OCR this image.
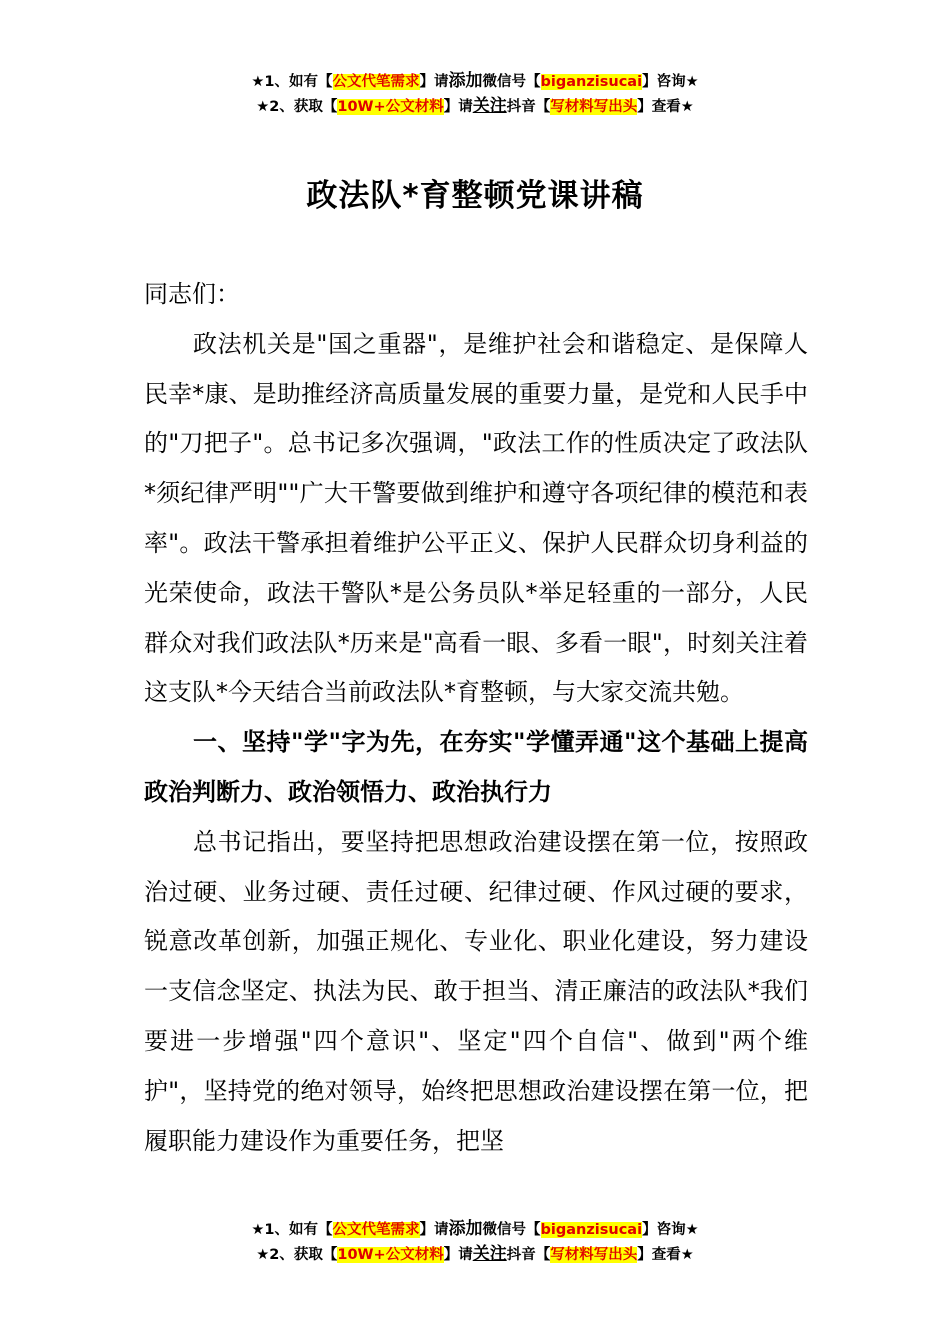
★1、如有【公文代笔需求】请添加微信号【biganzisucai】咨询★
★2、获取【10W+公文材料】请关注抖音【写材料写出头】查看★
政法队*育整顿党课讲稿

同志们：

政法机关是"国之重器"，是维护社会和谐稳定、是保障人民幸*康、是助推经济高质量发展的重要力量，是党和人民手中的"刀把子"。总书记多次强调，"政法工作的性质决定了政法队*须纪律严明""广大干警要做到维护和遵守各项纪律的模范和表率"。政法干警承担着维护公平正义、保护人民群众切身利益的光荣使命，政法干警队*是公务员队*举足轻重的一部分，人民群众对我们政法队*历来是"高看一眼、多看一眼"，时刻关注着这支队*今天结合当前政法队*育整顿，与大家交流共勉。

一、坚持"学"字为先，在夯实"学懂弄通"这个基础上提高政治判断力、政治领悟力、政治执行力

总书记指出，要坚持把思想政治建设摆在第一位，按照政治过硬、业务过硬、责任过硬、纪律过硬、作风过硬的要求，锐意改革创新，加强正规化、专业化、职业化建设，努力建设一支信念坚定、执法为民、敢于担当、清正廉洁的政法队*我们要进一步增强"四个意识"、坚定"四个自信"、做到"两个维护"，坚持党的绝对领导，始终把思想政治建设摆在第一位，把履职能力建设作为重要任务，把坚

★1、如有【公文代笔需求】请添加微信号【biganzisucai】咨询★
★2、获取【10W+公文材料】请关注抖音【写材料写出头】查看★
